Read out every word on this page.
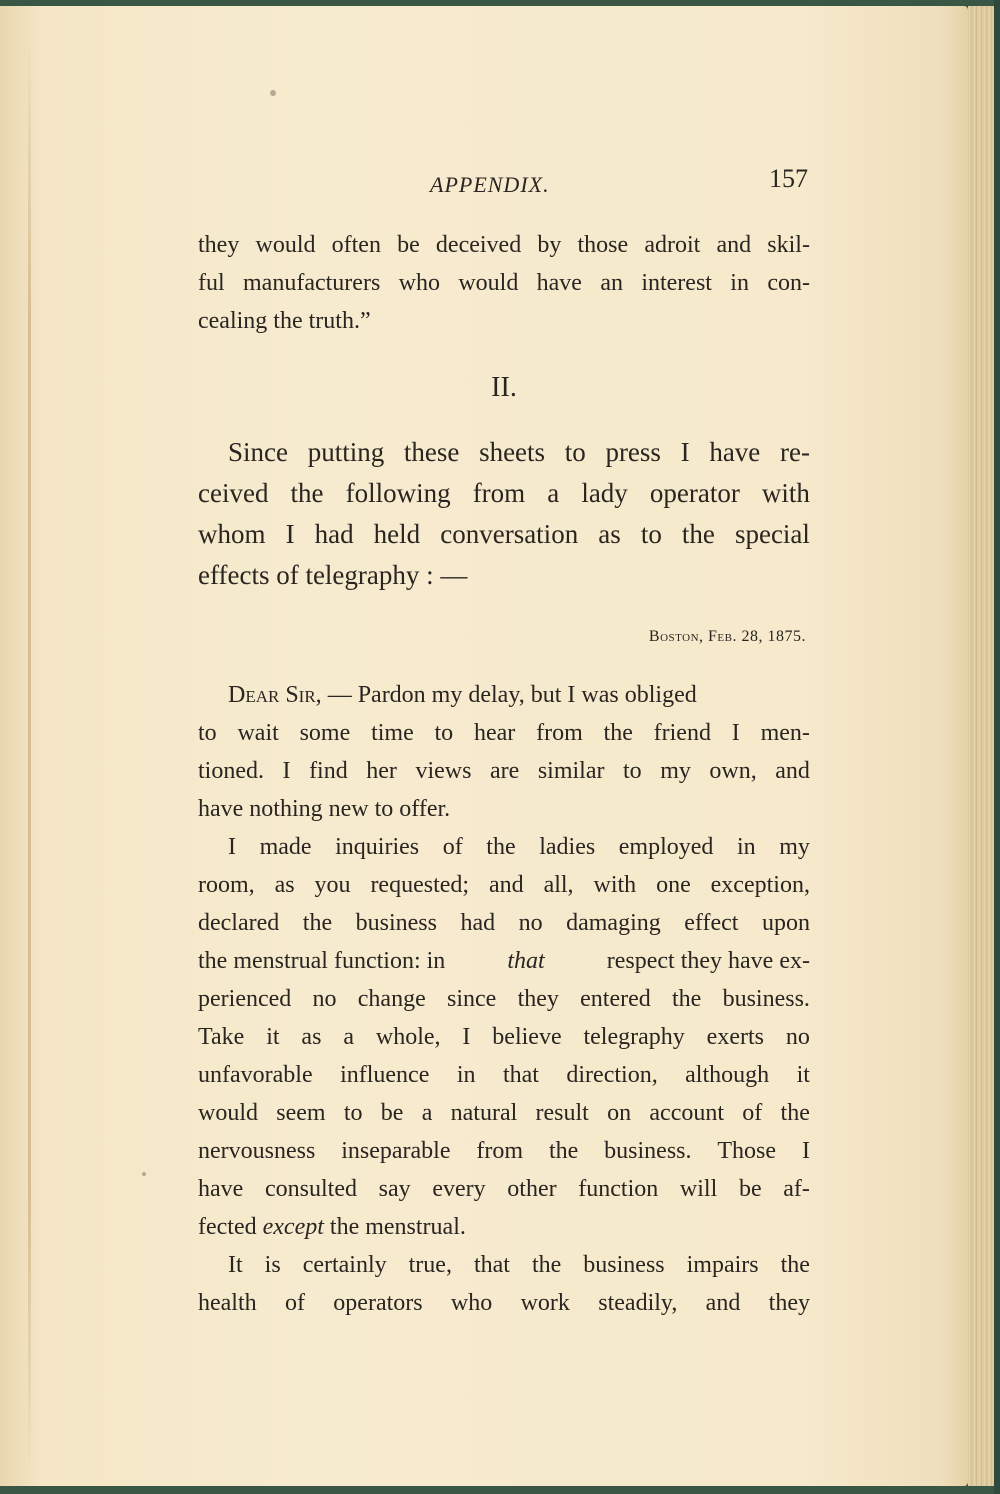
APPENDIX.	157
they would often be deceived by those adroit and skil-
ful manufacturers who would have an interest in con-
cealing the truth.”
II.
Since putting these sheets to press I have re-
ceived the following from a lady operator with
whom I had held conversation as to the special
effects of telegraphy : —
Boston, Feb. 28, 1875.
Dear Sir, — Pardon my delay, but I was obliged
to wait some time to hear from the friend I men-
tioned. I find her views are similar to my own, and
have nothing new to offer.
I made inquiries of the ladies employed in my
room, as you requested; and all, with one exception,
declared the business had no damaging effect upon
the menstrual function: in	that	respect they have ex-
perienced no change since they entered the business.
Take it as a whole, I believe telegraphy exerts no
unfavorable influence in that direction, although it
would seem to be a natural result on account of the
nervousness inseparable from the business. Those I
have consulted say every other function will be af-
fected
except
the menstrual.
It is certainly true, that the business impairs the
health of operators who work steadily, and they
